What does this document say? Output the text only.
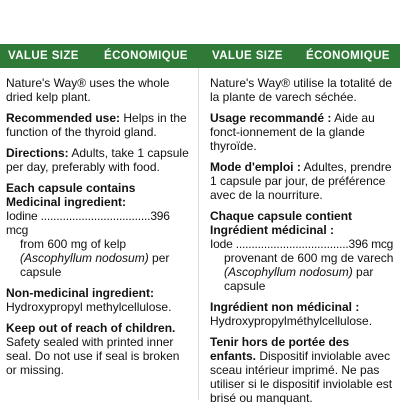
VALUE SIZE ÉCONOMIQUE VALUE SIZE ÉCONOMIQUE

Nature's Way® uses the whole dried kelp plant.

Recommended use: Helps in the function of the thyroid gland.

Directions: Adults, take 1 capsule per day, preferably with food.

Each capsule contains

Medicinal ingredient:

Iodine ...................................396 mcg

from 600 mg of kelp (Ascophyllum nodosum) per capsule

Non-medicinal ingredient:

Hydroxypropyl methylcellulose.

Keep out of reach of children. Safety sealed with printed inner seal. Do not use if seal is broken or missing.

Nature's Way® utilise la totalité de la plante de varech séchée.

Usage recommandé : Aide au fonct-ionnement de la glande thyroïde.

Mode d'emploi : Adultes, prendre 1 capsule par jour, de préférence avec de la nourriture.

Chaque capsule contient

Ingrédient médicinal :

Iode ....................................396 mcg

provenant de 600 mg de varech (Ascophyllum nodosum) par capsule

Ingrédient non médicinal :

Hydroxypropylméthylcellulose.

Tenir hors de portée des enfants. Dispositif inviolable avec sceau intérieur imprimé. Ne pas utiliser si le dispositif inviolable est brisé ou manquant.
